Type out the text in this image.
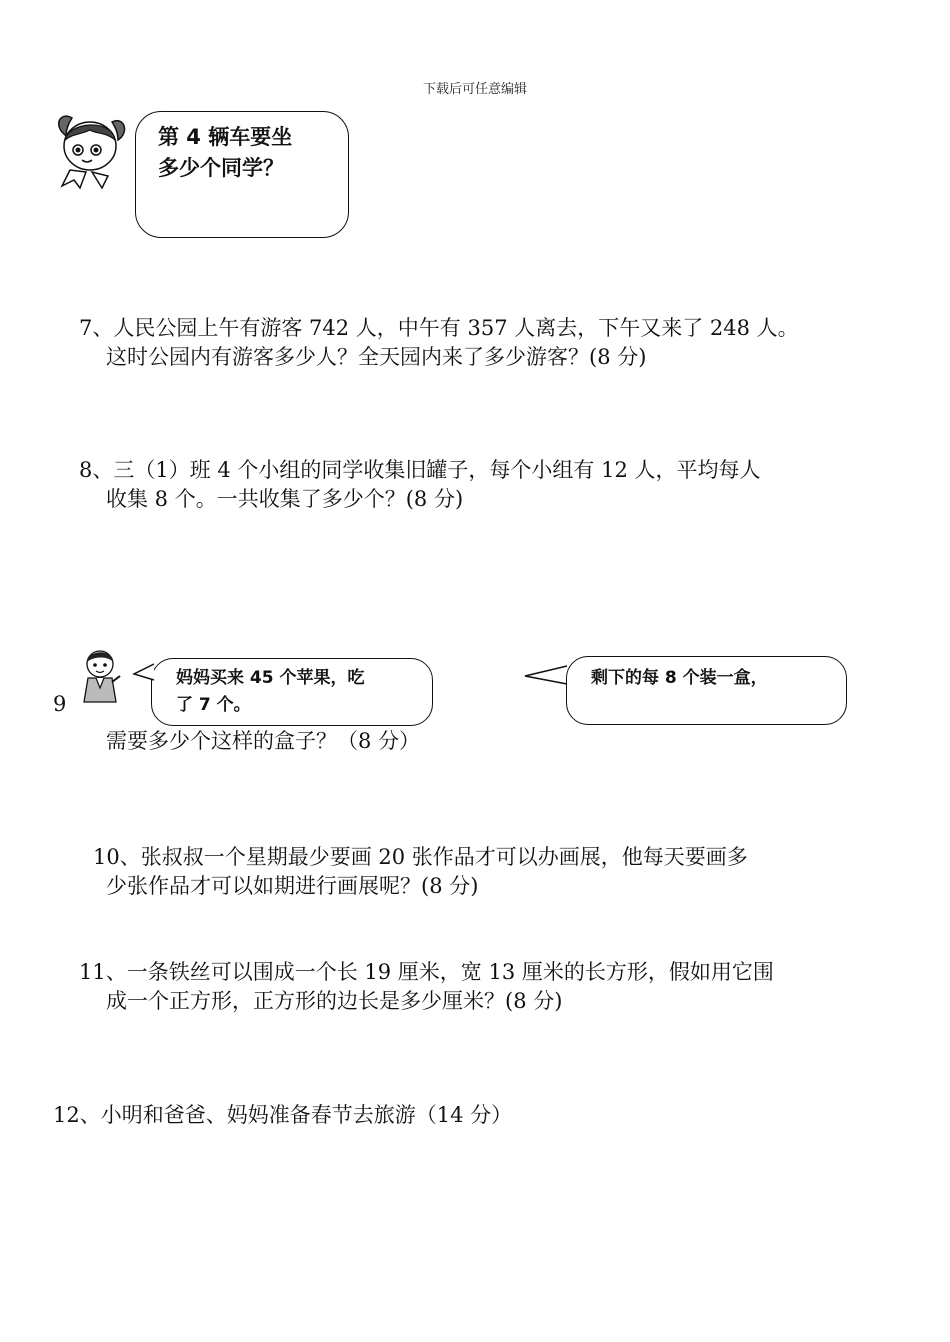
下载后可任意编辑
第 4 辆车要坐
多少个同学？
7、人民公园上午有游客 742 人，中午有 357 人离去，下午又来了 248 人。
这时公园内有游客多少人？全天园内来了多少游客？(8 分)
8、三（1）班 4 个小组的同学收集旧罐子，每个小组有 12 人，平均每人
收集 8 个。一共收集了多少个？(8 分)
9
妈妈买来 45 个苹果，吃
了 7 个。
剩下的每 8 个装一盒，
需要多少个这样的盒子？（8 分）
10、张叔叔一个星期最少要画 20 张作品才可以办画展，他每天要画多
少张作品才可以如期进行画展呢？(8 分)
11、一条铁丝可以围成一个长 19 厘米，宽 13 厘米的长方形，假如用它围
成一个正方形，正方形的边长是多少厘米？(8 分)
12、小明和爸爸、妈妈准备春节去旅游（14 分）
